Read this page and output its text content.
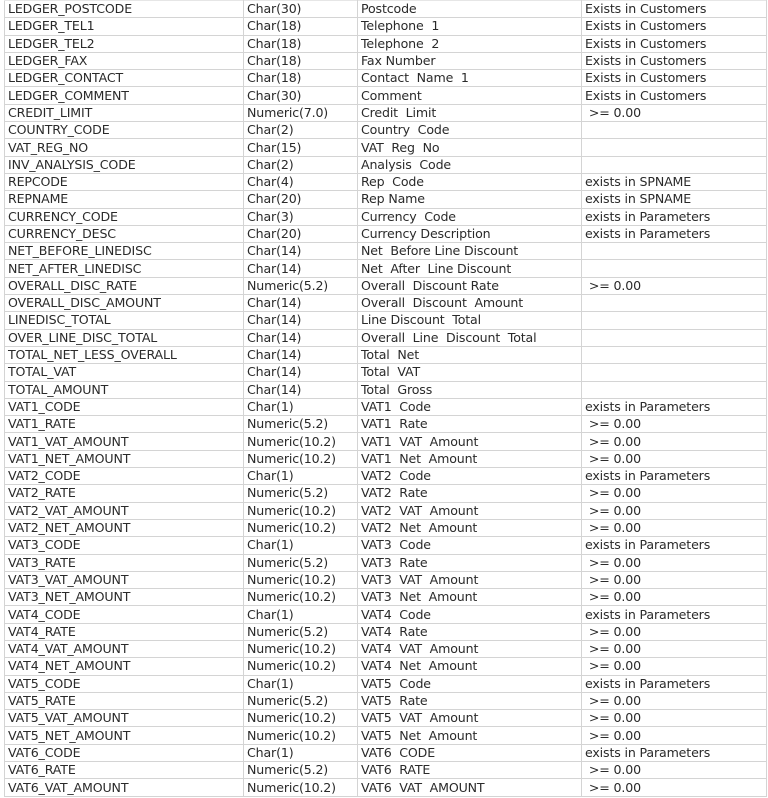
LEDGER_POSTCODE	Char(30)	Postcode	Exists in Customers
LEDGER_TEL1	Char(18)	Telephone  1	Exists in Customers
LEDGER_TEL2	Char(18)	Telephone  2	Exists in Customers
LEDGER_FAX	Char(18)	Fax Number	Exists in Customers
LEDGER_CONTACT	Char(18)	Contact  Name  1	Exists in Customers
LEDGER_COMMENT	Char(30)	Comment	Exists in Customers
CREDIT_LIMIT	Numeric(7.0)	Credit  Limit	>= 0.00
COUNTRY_CODE	Char(2)	Country  Code	
VAT_REG_NO	Char(15)	VAT  Reg  No	
INV_ANALYSIS_CODE	Char(2)	Analysis  Code	
REPCODE	Char(4)	Rep  Code	exists in SPNAME
REPNAME	Char(20)	Rep Name	exists in SPNAME
CURRENCY_CODE	Char(3)	Currency  Code	exists in Parameters
CURRENCY_DESC	Char(20)	Currency Description	exists in Parameters
NET_BEFORE_LINEDISC	Char(14)	Net  Before Line Discount	
NET_AFTER_LINEDISC	Char(14)	Net  After  Line Discount	
OVERALL_DISC_RATE	Numeric(5.2)	Overall  Discount Rate	>= 0.00
OVERALL_DISC_AMOUNT	Char(14)	Overall  Discount  Amount	
LINEDISC_TOTAL	Char(14)	Line Discount  Total	
OVER_LINE_DISC_TOTAL	Char(14)	Overall  Line  Discount  Total	
TOTAL_NET_LESS_OVERALL	Char(14)	Total  Net	
TOTAL_VAT	Char(14)	Total  VAT	
TOTAL_AMOUNT	Char(14)	Total  Gross	
VAT1_CODE	Char(1)	VAT1  Code	exists in Parameters
VAT1_RATE	Numeric(5.2)	VAT1  Rate	>= 0.00
VAT1_VAT_AMOUNT	Numeric(10.2)	VAT1  VAT  Amount	>= 0.00
VAT1_NET_AMOUNT	Numeric(10.2)	VAT1  Net  Amount	>= 0.00
VAT2_CODE	Char(1)	VAT2  Code	exists in Parameters
VAT2_RATE	Numeric(5.2)	VAT2  Rate	>= 0.00
VAT2_VAT_AMOUNT	Numeric(10.2)	VAT2  VAT  Amount	>= 0.00
VAT2_NET_AMOUNT	Numeric(10.2)	VAT2  Net  Amount	>= 0.00
VAT3_CODE	Char(1)	VAT3  Code	exists in Parameters
VAT3_RATE	Numeric(5.2)	VAT3  Rate	>= 0.00
VAT3_VAT_AMOUNT	Numeric(10.2)	VAT3  VAT  Amount	>= 0.00
VAT3_NET_AMOUNT	Numeric(10.2)	VAT3  Net  Amount	>= 0.00
VAT4_CODE	Char(1)	VAT4  Code	exists in Parameters
VAT4_RATE	Numeric(5.2)	VAT4  Rate	>= 0.00
VAT4_VAT_AMOUNT	Numeric(10.2)	VAT4  VAT  Amount	>= 0.00
VAT4_NET_AMOUNT	Numeric(10.2)	VAT4  Net  Amount	>= 0.00
VAT5_CODE	Char(1)	VAT5  Code	exists in Parameters
VAT5_RATE	Numeric(5.2)	VAT5  Rate	>= 0.00
VAT5_VAT_AMOUNT	Numeric(10.2)	VAT5  VAT  Amount	>= 0.00
VAT5_NET_AMOUNT	Numeric(10.2)	VAT5  Net  Amount	>= 0.00
VAT6_CODE	Char(1)	VAT6  CODE	exists in Parameters
VAT6_RATE	Numeric(5.2)	VAT6  RATE	>= 0.00
VAT6_VAT_AMOUNT	Numeric(10.2)	VAT6  VAT  AMOUNT	>= 0.00
